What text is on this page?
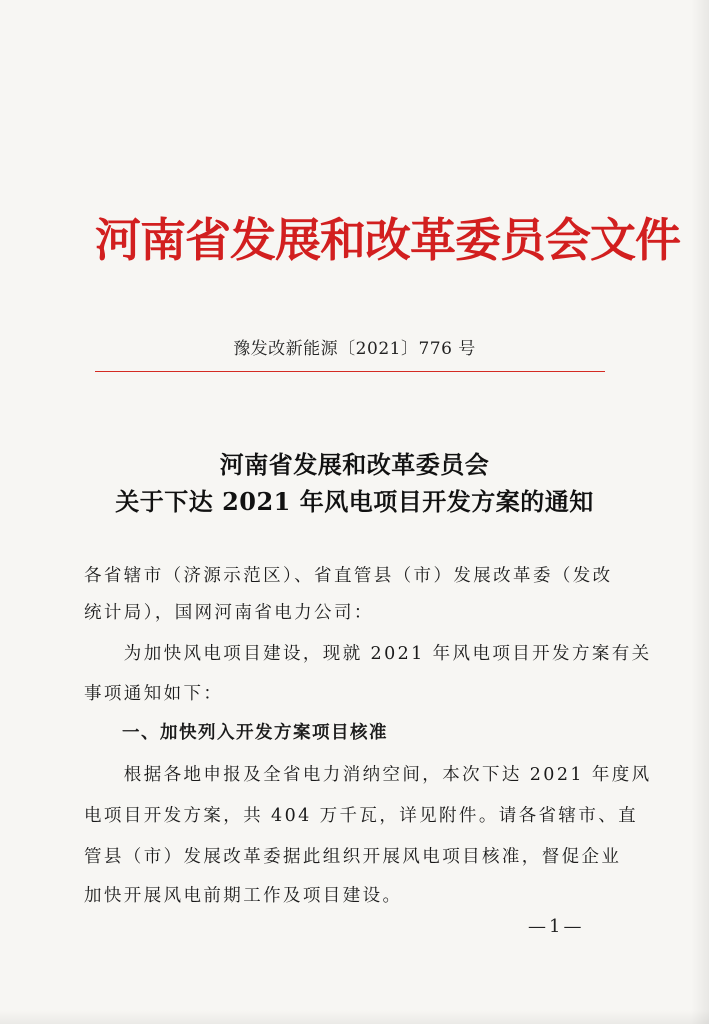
河南省发展和改革委员会文件
豫发改新能源〔2021〕776 号
河南省发展和改革委员会
关于下达 2021 年风电项目开发方案的通知
各省辖市（济源示范区）、省直管县（市）发展改革委（发改
统计局），国网河南省电力公司：
　　为加快风电项目建设，现就 2021 年风电项目开发方案有关
事项通知如下：
　　一、加快列入开发方案项目核准
　　根据各地申报及全省电力消纳空间，本次下达 2021 年度风
电项目开发方案，共 404 万千瓦，详见附件。请各省辖市、直
管县（市）发展改革委据此组织开展风电项目核准，督促企业
加快开展风电前期工作及项目建设。
—1—
